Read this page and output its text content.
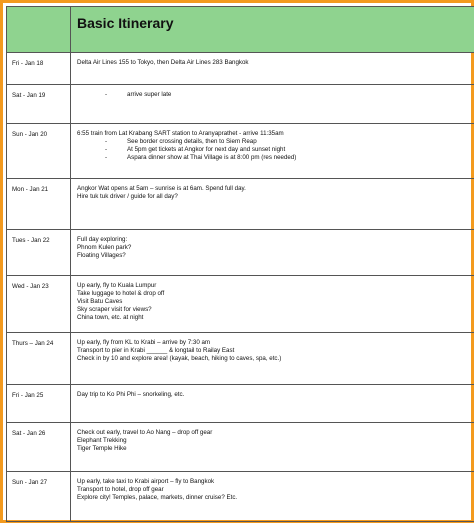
	Basic Itinerary

Fri - Jan 18	Delta Air Lines 155 to Tokyo, then Delta Air Lines 283 Bangkok

Sat - Jan 19	- arrive super late

Sun - Jan 20	6:55 train from Lat Krabang SART station to Aranyaprathet - arrive 11:35am
- See border crossing details, then to Siem Reap
- At 5pm get tickets at Angkor for next day and sunset night
- Aspara dinner show at Thai Village is at 8:00 pm (res needed)

Mon - Jan 21	Angkor Wat opens at 5am – sunrise is at 6am. Spend full day.
Hire tuk tuk driver / guide for all day?

Tues - Jan 22	Full day exploring:
Phnom Kulen park?
Floating Villages?

Wed - Jan 23	Up early, fly to Kuala Lumpur
Take luggage to hotel & drop off
Visit Batu Caves
Sky scraper visit for views?
China town, etc. at night

Thurs – Jan 24	Up early, fly from KL to Krabi – arrive by 7:30 am
Transport to pier in Krabi ______ & longtail to Railay East
Check in by 10 and explore area! (kayak, beach, hiking to caves, spa, etc.)

Fri - Jan 25	Day trip to Ko Phi Phi – snorkeling, etc.

Sat - Jan 26	Check out early, travel to Ao Nang – drop off gear
Elephant Trekking
Tiger Temple Hike

Sun - Jan 27	Up early, take taxi to Krabi airport – fly to Bangkok
Transport to hotel, drop off gear
Explore city! Temples, palace, markets, dinner cruise? Etc.
